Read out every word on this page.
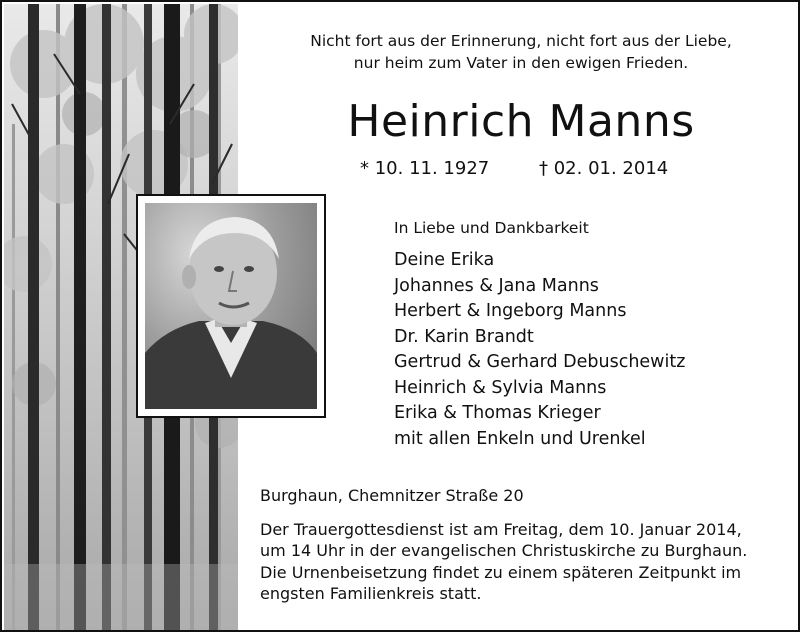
Nicht fort aus der Erinnerung, nicht fort aus der Liebe,
nur heim zum Vater in den ewigen Frieden.

Heinrich Manns
* 10. 11. 1927	† 02. 01. 2014
In Liebe und Dankbarkeit
Deine Erika
Johannes & Jana Manns
Herbert & Ingeborg Manns
Dr. Karin Brandt
Gertrud & Gerhard Debuschewitz
Heinrich & Sylvia Manns
Erika & Thomas Krieger
mit allen Enkeln und Urenkel
Burghaun, Chemnitzer Straße 20
Der Trauergottesdienst ist am Freitag, dem 10. Januar 2014,
um 14 Uhr in der evangelischen Christuskirche zu Burghaun.
Die Urnenbeisetzung findet zu einem späteren Zeitpunkt im
engsten Familienkreis statt.
